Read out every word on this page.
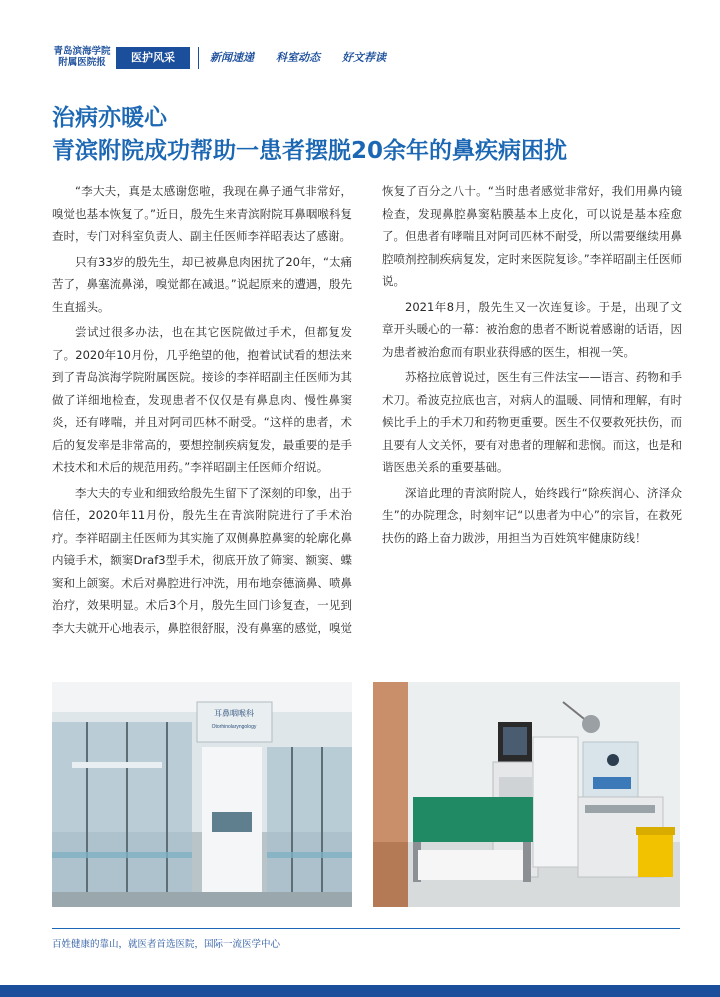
青岛滨海学院
附属医院报	医护风采	新闻速递 科室动态 好文荐读

治病亦暖心

青滨附院成功帮助一患者摆脱20余年的鼻疾病困扰

“李大夫，真是太感谢您啦，我现在鼻子通气非常好，嗅觉也基本恢复了。”近日，殷先生来青滨附院耳鼻咽喉科复查时，专门对科室负责人、副主任医师李祥昭表达了感谢。

只有33岁的殷先生，却已被鼻息肉困扰了20年，“太痛苦了，鼻塞流鼻涕，嗅觉都在减退。”说起原来的遭遇，殷先生直摇头。

尝试过很多办法，也在其它医院做过手术，但都复发了。2020年10月份，几乎绝望的他，抱着试试看的想法来到了青岛滨海学院附属医院。接诊的李祥昭副主任医师为其做了详细地检查，发现患者不仅仅是有鼻息肉、慢性鼻窦炎，还有哮喘，并且对阿司匹林不耐受。“这样的患者，术后的复发率是非常高的，要想控制疾病复发，最重要的是手术技术和术后的规范用药。”李祥昭副主任医师介绍说。

李大夫的专业和细致给殷先生留下了深刻的印象，出于信任，2020年11月份，殷先生在青滨附院进行了手术治疗。李祥昭副主任医师为其实施了双侧鼻腔鼻窦的轮廓化鼻内镜手术，额窦Draf3型手术，彻底开放了筛窦、额窦、蝶窦和上颌窦。术后对鼻腔进行冲洗，用布地奈德滴鼻、喷鼻治疗，效果明显。术后3个月，殷先生回门诊复查，一见到李大夫就开心地表示，鼻腔很舒服，没有鼻塞的感觉，嗅觉恢复了百分之八十。“当时患者感觉非常好，我们用鼻内镜检查，发现鼻腔鼻窦粘膜基本上皮化，可以说是基本痊愈了。但患者有哮喘且对阿司匹林不耐受，所以需要继续用鼻腔喷剂控制疾病复发，定时来医院复诊。”李祥昭副主任医师说。

2021年8月，殷先生又一次连复诊。于是，出现了文章开头暖心的一幕：被治愈的患者不断说着感谢的话语，因为患者被治愈而有职业获得感的医生，相视一笑。

苏格拉底曾说过，医生有三件法宝——语言、药物和手术刀。希波克拉底也言，对病人的温暖、同情和理解，有时候比手上的手术刀和药物更重要。医生不仅要救死扶伤，而且要有人文关怀，要有对患者的理解和悲悯。而这，也是和谐医患关系的重要基础。

深谙此理的青滨附院人，始终践行“除疾润心、济泽众生”的办院理念，时刻牢记“以患者为中心”的宗旨，在救死扶伤的路上奋力跋涉，用担当为百姓筑牢健康防线！

耳鼻咽喉科
Otorhinolaryngology
百姓健康的靠山，就医者首选医院，国际一流医学中心
